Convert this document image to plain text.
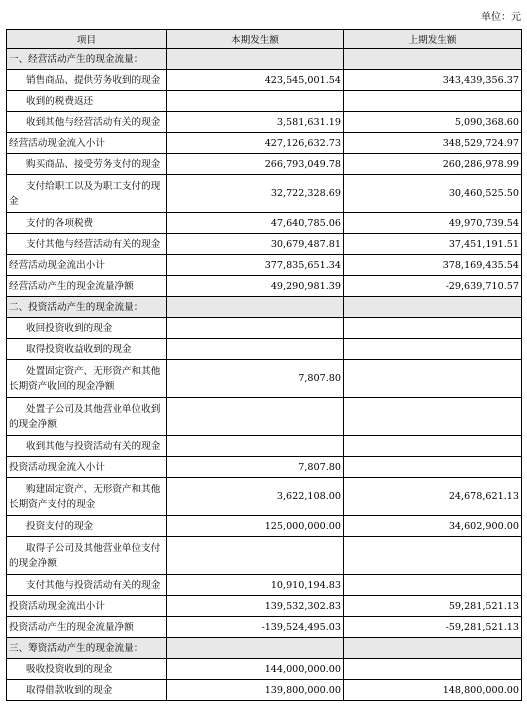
单位：元
项目	本期发生额	上期发生额
一、经营活动产生的现金流量：		
销售商品、提供劳务收到的现金	423,545,001.54	343,439,356.37
收到的税费返还		
收到其他与经营活动有关的现金	3,581,631.19	5,090,368.60
经营活动现金流入小计	427,126,632.73	348,529,724.97
购买商品、接受劳务支付的现金	266,793,049.78	260,286,978.99
支付给职工以及为职工支付的现金	32,722,328.69	30,460,525.50
支付的各项税费	47,640,785.06	49,970,739.54
支付其他与经营活动有关的现金	30,679,487.81	37,451,191.51
经营活动现金流出小计	377,835,651.34	378,169,435.54
经营活动产生的现金流量净额	49,290,981.39	-29,639,710.57
二、投资活动产生的现金流量：		
收回投资收到的现金		
取得投资收益收到的现金		
处置固定资产、无形资产和其他长期资产收回的现金净额	7,807.80	
处置子公司及其他营业单位收到的现金净额		
收到其他与投资活动有关的现金		
投资活动现金流入小计	7,807.80	
购建固定资产、无形资产和其他长期资产支付的现金	3,622,108.00	24,678,621.13
投资支付的现金	125,000,000.00	34,602,900.00
取得子公司及其他营业单位支付的现金净额		
支付其他与投资活动有关的现金	10,910,194.83	
投资活动现金流出小计	139,532,302.83	59,281,521.13
投资活动产生的现金流量净额	-139,524,495.03	-59,281,521.13
三、筹资活动产生的现金流量：		
吸收投资收到的现金	144,000,000.00	
取得借款收到的现金	139,800,000.00	148,800,000.00
